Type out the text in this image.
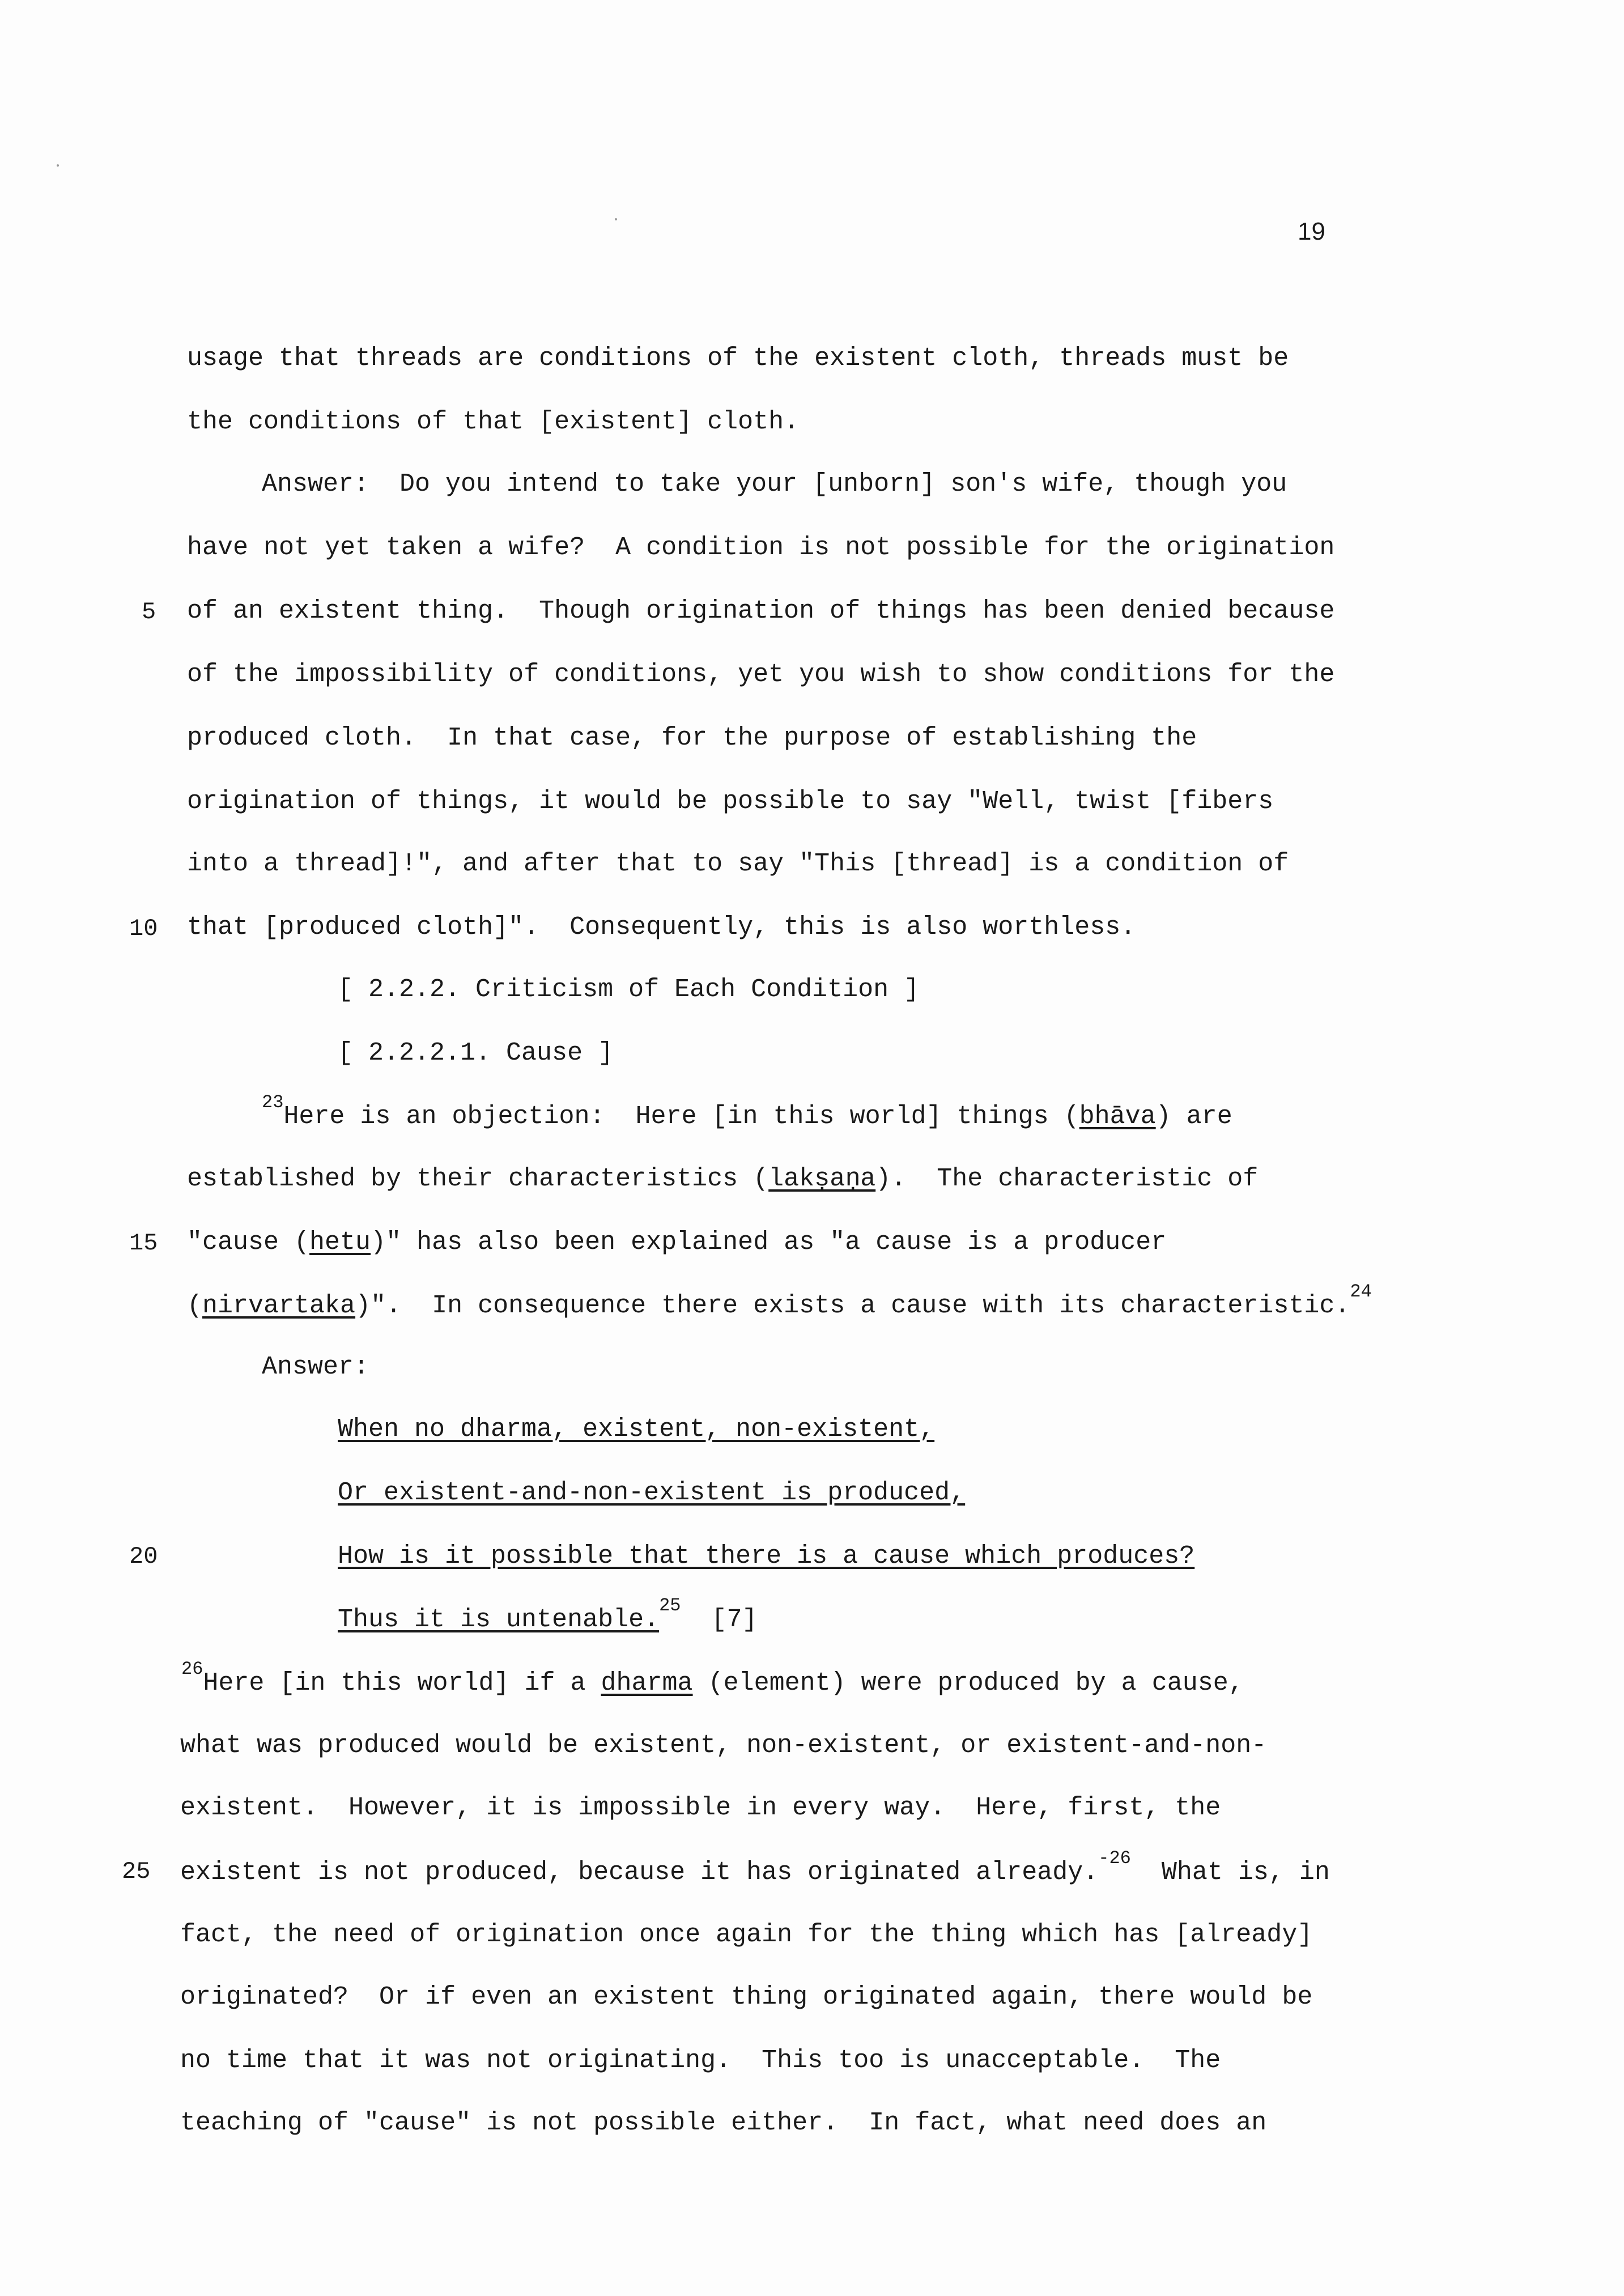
19
usage that threads are conditions of the existent cloth, threads must be
the conditions of that [existent] cloth.
Answer:  Do you intend to take your [unborn] son's wife, though you
have not yet taken a wife?  A condition is not possible for the origination
5 of an existent thing.  Though origination of things has been denied because
of the impossibility of conditions, yet you wish to show conditions for the
produced cloth.  In that case, for the purpose of establishing the
origination of things, it would be possible to say "Well, twist [fibers
into a thread]!", and after that to say "This [thread] is a condition of
10 that [produced cloth]".  Consequently, this is also worthless.
[ 2.2.2. Criticism of Each Condition ]
[ 2.2.2.1. Cause ]
$^{23}$Here is an objection:  Here [in this world] things (bhāva) are
established by their characteristics (lakṣaṇa).  The characteristic of
15 "cause (hetu)" has also been explained as "a cause is a producer
(nirvartaka)".  In consequence there exists a cause with its characteristic.$^{24}$
Answer:
When no dharma, existent, non-existent,
Or existent-and-non-existent is produced,
20	How is it possible that there is a cause which produces?
Thus it is untenable.$^{25}$ [7]
$^{26}$Here [in this world] if a dharma (element) were produced by a cause,
what was produced would be existent, non-existent, or existent-and-non-
existent.  However, it is impossible in every way.  Here, first, the
25 existent is not produced, because it has originated already.$^{-26}$  What is, in
fact, the need of origination once again for the thing which has [already]
originated?  Or if even an existent thing originated again, there would be
no time that it was not originating.  This too is unacceptable.  The
teaching of "cause" is not possible either.  In fact, what need does an
